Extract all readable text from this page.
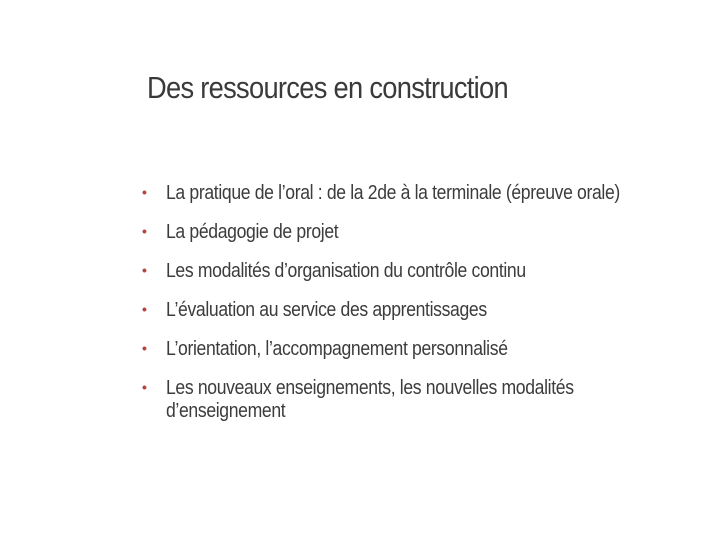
Des ressources en construction
• La pratique de l’oral : de la 2de à la terminale (épreuve orale)
• La pédagogie de projet
• Les modalités d’organisation du contrôle continu
• L’évaluation au service des apprentissages
• L’orientation, l’accompagnement personnalisé
• Les nouveaux enseignements, les nouvelles modalités d’enseignement
